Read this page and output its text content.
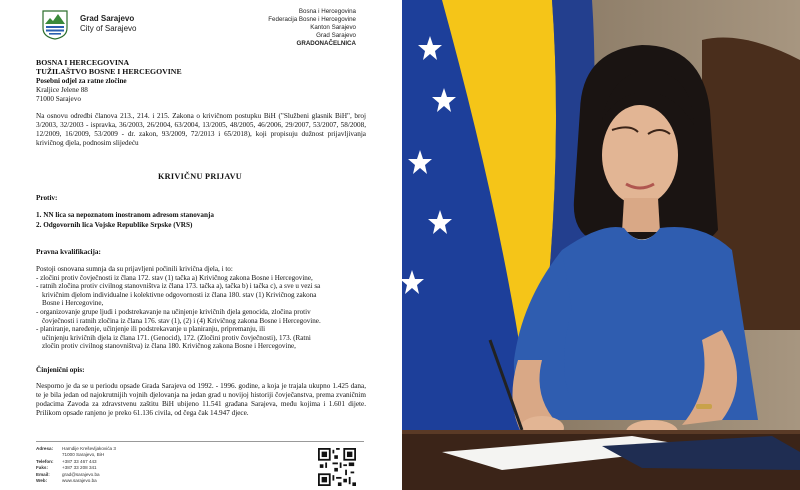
Grad Sarajevo
City of Sarajevo
Bosna i Hercegovina
Federacija Bosne i Hercegovine
Kanton Sarajevo
Grad Sarajevo
GRADONAČELNICA
BOSNA I HERCEGOVINA
TUŽILAŠTVO BOSNE I HERCEGOVINE
Posebni odjel za ratne zločine
Kraljice Jelene 88
71000 Sarajevo
Na osnovu odredbi članova 213., 214. i 215. Zakona o krivičnom postupku BiH ("Službeni glasnik BiH", broj 3/2003, 32/2003 - ispravka, 36/2003, 26/2004, 63/2004, 13/2005, 48/2005, 46/2006, 29/2007, 53/2007, 58/2008, 12/2009, 16/2009, 53/2009 - dr. zakon, 93/2009, 72/2013 i 65/2018), koji propisuju dužnost prijavljivanja krivičnog djela, podnosim slijedeću
KRIVIČNU PRIJAVU
Protiv:
1. NN lica sa nepoznatom inostranom adresom stanovanja
2. Odgovornih lica Vojske Republike Srpske (VRS)
Pravna kvalifikacija:
Postoji osnovana sumnja da su prijavljeni počinili krivična djela, i to:
- zločini protiv čovječnosti iz člana 172. stav (1) tačka a) Krivičnog zakona Bosne i Hercegovine,
- ratnih zločina protiv civilnog stanovništva iz člana 173. tačka a), tačka b) i tačka c), a sve u vezi sa
krivičnim djelom individualne i kolektivne odgovornosti iz člana 180. stav (1) Krivičnog zakona
Bosne i Hercegovine,
- organizovanje grupe ljudi i podstrekavanje na učinjenje krivičnih djela genocida, zločina protiv
čovječnosti i ratnih zločina iz člana 176. stav (1), (2) i (4) Krivičnog zakona Bosne i Hercegovine.
- planiranje, naređenje, učinjenje ili podstrekavanje u planiranju, pripremanju, ili
učinjenju krivičnih djela iz člana 171. (Genocid), 172. (Zločini protiv čovječnosti), 173. (Ratni
zločin protiv civilnog stanovništva) iz člana 180. Krivičnog zakona Bosne i Hercegovine,
Činjenični opis:
Nesporno je da se u periodu opsade Grada Sarajeva od 1992. - 1996. godine, a koja je trajala ukupno 1.425 dana, te je bila jedan od najokrutnijih vojnih djelovanja na jedan grad u novijoj historiji čovječanstva, prema zvaničnim podacima Zavoda za zdravstvenu zaštitu BiH ubijeno 11.541 građana Sarajeva, među kojima i 1.601 dijete. Prilikom opsade ranjeno je preko 61.136 civila, od čega čak 14.947 djece.
Adresa:	Hamdije Kreševljakovića 3
71000 Sarajevo, BiH
Telefon:	+387 33 467 443
Faks:	+387 33 208 341
Email:	grad@sarajevo.ba
Web:	www.sarajevo.ba
